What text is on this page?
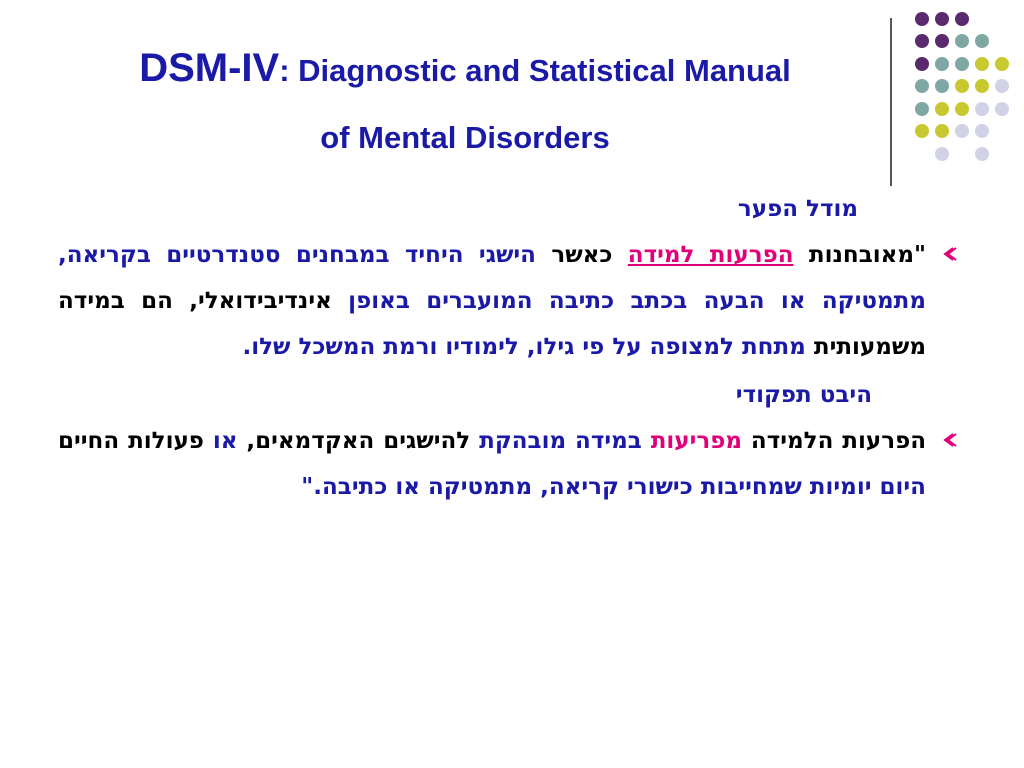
DSM-IV: Diagnostic and Statistical Manual
of Mental Disorders
מודל הפער
"מאובחנות הפרעות למידה כאשר הישגי היחיד במבחנים סטנדרטיים בקריאה, מתמטיקה או הבעה בכתב כתיבה המועברים באופן אינדיבידואלי, הם במידה משמעותית מתחת למצופה על פי גילו, לימודיו ורמת המשכל שלו.
היבט תפקודי
הפרעות הלמידה מפריעות במידה מובהקת להישגים האקדמאים, או פעולות החיים היום יומיות שמחייבות כישורי קריאה, מתמטיקה או כתיבה."
